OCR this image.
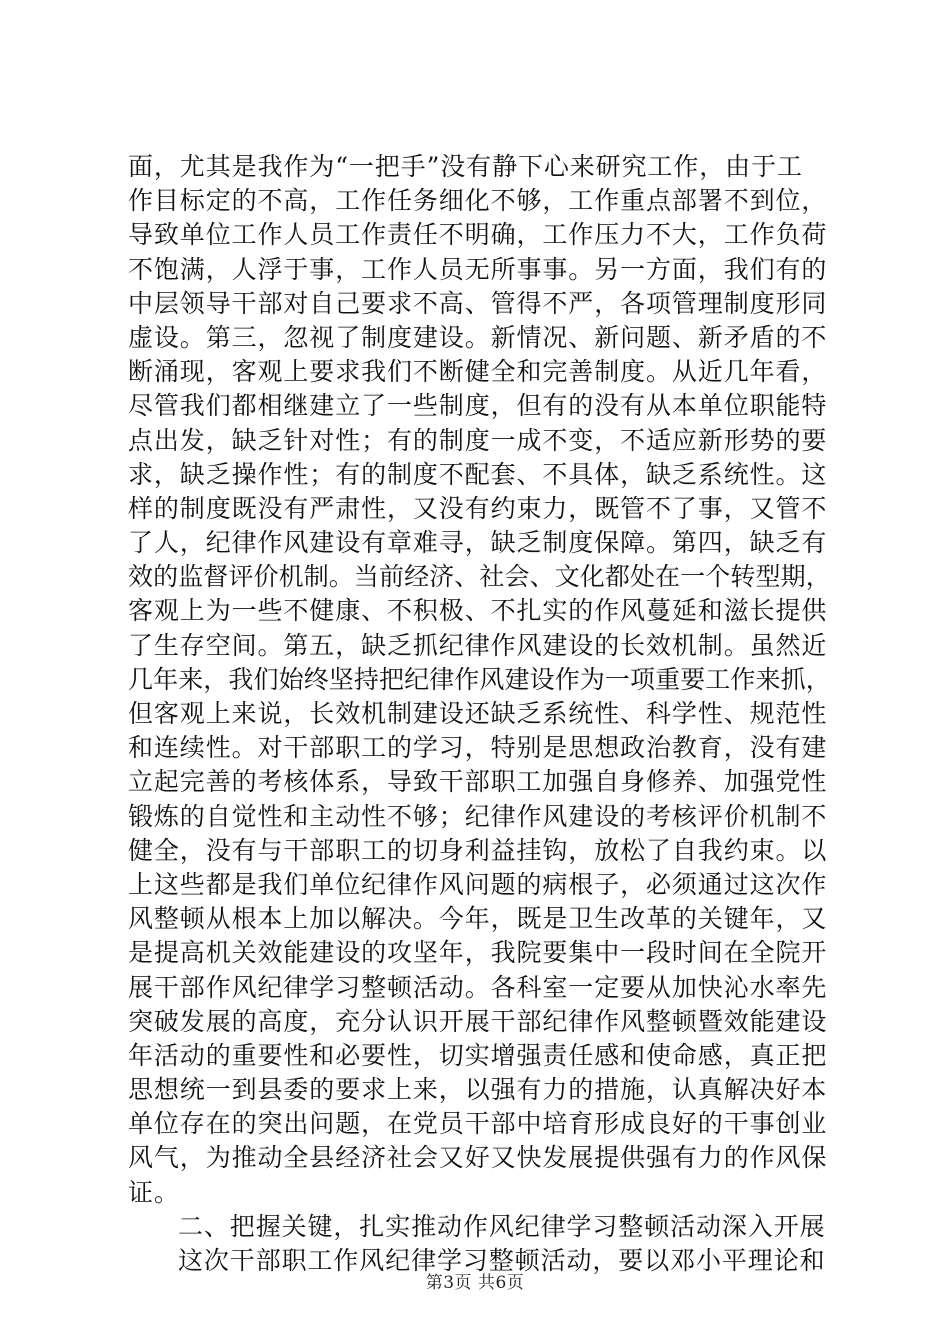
面，尤其是我作为“一把手”没有静下心来研究工作，由于工
作目标定的不高，工作任务细化不够，工作重点部署不到位，
导致单位工作人员工作责任不明确，工作压力不大，工作负荷
不饱满，人浮于事，工作人员无所事事。另一方面，我们有的
中层领导干部对自己要求不高、管得不严，各项管理制度形同
虚设。第三，忽视了制度建设。新情况、新问题、新矛盾的不
断涌现，客观上要求我们不断健全和完善制度。从近几年看，
尽管我们都相继建立了一些制度，但有的没有从本单位职能特
点出发，缺乏针对性；有的制度一成不变，不适应新形势的要
求，缺乏操作性；有的制度不配套、不具体，缺乏系统性。这
样的制度既没有严肃性，又没有约束力，既管不了事，又管不
了人，纪律作风建设有章难寻，缺乏制度保障。第四，缺乏有
效的监督评价机制。当前经济、社会、文化都处在一个转型期，
客观上为一些不健康、不积极、不扎实的作风蔓延和滋长提供
了生存空间。第五，缺乏抓纪律作风建设的长效机制。虽然近
几年来，我们始终坚持把纪律作风建设作为一项重要工作来抓，
但客观上来说，长效机制建设还缺乏系统性、科学性、规范性
和连续性。对干部职工的学习，特别是思想政治教育，没有建
立起完善的考核体系，导致干部职工加强自身修养、加强党性
锻炼的自觉性和主动性不够；纪律作风建设的考核评价机制不
健全，没有与干部职工的切身利益挂钩，放松了自我约束。以
上这些都是我们单位纪律作风问题的病根子，必须通过这次作
风整顿从根本上加以解决。今年，既是卫生改革的关键年，又
是提高机关效能建设的攻坚年，我院要集中一段时间在全院开
展干部作风纪律学习整顿活动。各科室一定要从加快沁水率先
突破发展的高度，充分认识开展干部纪律作风整顿暨效能建设
年活动的重要性和必要性，切实增强责任感和使命感，真正把
思想统一到县委的要求上来，以强有力的措施，认真解决好本
单位存在的突出问题，在党员干部中培育形成良好的干事创业
风气，为推动全县经济社会又好又快发展提供强有力的作风保
证。
二、把握关键，扎实推动作风纪律学习整顿活动深入开展
这次干部职工作风纪律学习整顿活动，要以邓小平理论和
第3页 共6页
